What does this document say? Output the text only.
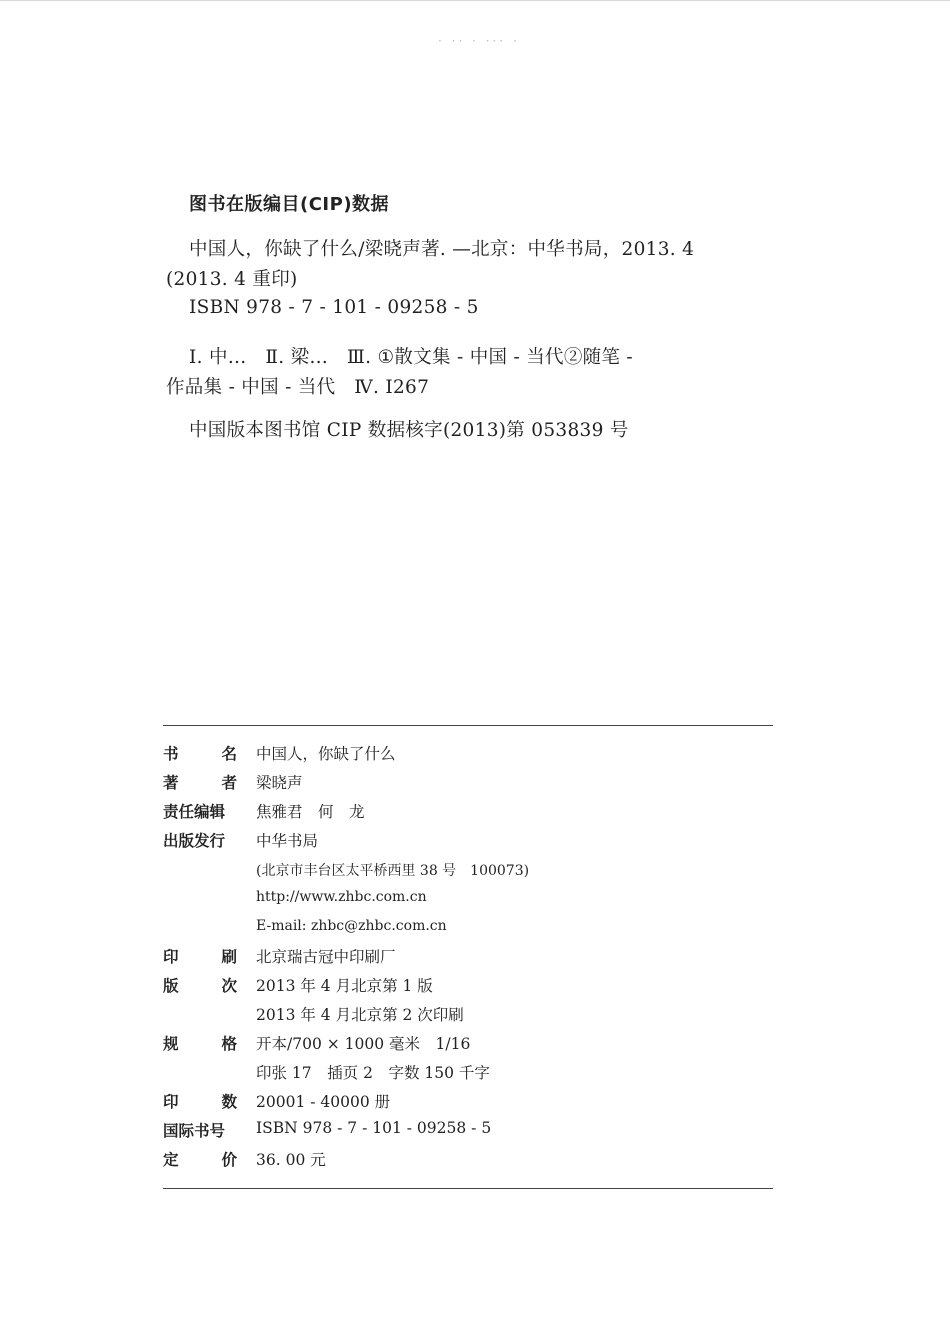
· ·· · ··· ·
图书在版编目(CIP)数据
中国人，你缺了什么/梁晓声著. —北京：中华书局，2013. 4
(2013. 4 重印)
ISBN 978 - 7 - 101 - 09258 - 5
Ⅰ. 中…　Ⅱ. 梁…　Ⅲ. ①散文集 - 中国 - 当代②随笔 -
作品集 - 中国 - 当代　Ⅳ. I267
中国版本图书馆 CIP 数据核字(2013)第 053839 号
书	名 中国人，你缺了什么
著	者 梁晓声
责任编辑	焦雅君　何　龙
出版发行	中华书局
(北京市丰台区太平桥西里 38 号　100073)
http://www.zhbc.com.cn
E-mail: zhbc@zhbc.com.cn
印	刷 北京瑞古冠中印刷厂
版	次 2013 年 4 月北京第 1 版
2013 年 4 月北京第 2 次印刷
规	格 开本/700 × 1000 毫米　1/16
印张 17　插页 2　字数 150 千字
印	数 20001 - 40000 册
国际书号	ISBN 978 - 7 - 101 - 09258 - 5
定	价 36. 00 元
